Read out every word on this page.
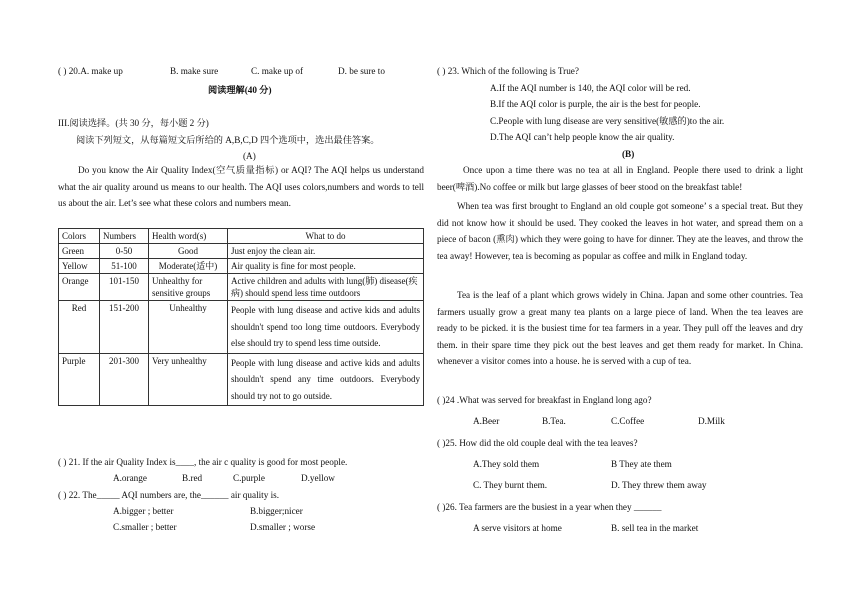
( ) 20.A. make up	B. make sure	C. make up of	D. be sure to
阅读理解(40 分)
III.阅读选择。(共 30 分，每小题 2 分)
阅读下列短文，从每篇短文后所给的 A,B,C,D 四个选项中，选出最佳答案。
(A)
Do you know the Air Quality Index(空气质量指标) or AQI? The AQI helps us understand what the air quality around us means to our health. The AQI uses colors,numbers and words to tell us about the air. Let’s see what these colors and numbers mean.
Colors	Numbers	Health word(s)	What to do
Green	0-50	Good	Just enjoy the clean air.
Yellow	51-100	Moderate(适中)	Air quality is fine for most people.
Orange	101-150	Unhealthy for sensitive groups	Active children and adults with lung(肺) disease(疾病) should spend less time outdoors
Red	151-200	Unhealthy	People with lung disease and active kids and adults shouldn't spend too long time outdoors. Everybody else should try to spend less time outside.
Purple	201-300	Very unhealthy	People with lung disease and active kids and adults shouldn't spend any time outdoors. Everybody should try not to go outside.
( ) 21. If the air Quality Index is____, the air c quality is good for most people.
A.orange	B.red	C.purple	D.yellow
( ) 22. The_____ AQI numbers are, the______ air quality is.
A.bigger ; better	B.bigger;nicer
C.smaller ; better	D.smaller ; worse
( ) 23. Which of the following is True?
A.If the AQI number is 140, the AQI color will be red.
B.If the AQI color is purple, the air is the best for people.
C.People with lung disease are very sensitive(敏感的)to the air.
D.The AQI can’t help people know the air quality.
(B)
Once upon a time there was no tea at all in England. People there used to drink a light beer(啤酒).No coffee or milk but large glasses of beer stood on the breakfast table!
When tea was first brought to England an old couple got someone’ s a special treat. But they did not know how it should be used. They cooked the leaves in hot water, and spread them on a piece of bacon (熏肉) which they were going to have for dinner. They ate the leaves, and throw the tea away! However, tea is becoming as popular as coffee and milk in England today.
Tea is the leaf of a plant which grows widely in China. Japan and some other countries. Tea farmers usually grow a great many tea plants on a large piece of land. When the tea leaves are ready to be picked. it is the busiest time for tea farmers in a year. They pull off the leaves and dry them. in their spare time they pick out the best leaves and get them ready for market. In China. whenever a visitor comes into a house. he is served with a cup of tea.
( )24 .What was served for breakfast in England long ago?
A.Beer	B.Tea.	C.Coffee	D.Milk
( )25. How did the old couple deal with the tea leaves?
A.They sold them	B They ate them
C. They burnt them.	D. They threw them away
( )26. Tea farmers are the busiest in a year when they ______
A serve visitors at home	B. sell tea in the market
